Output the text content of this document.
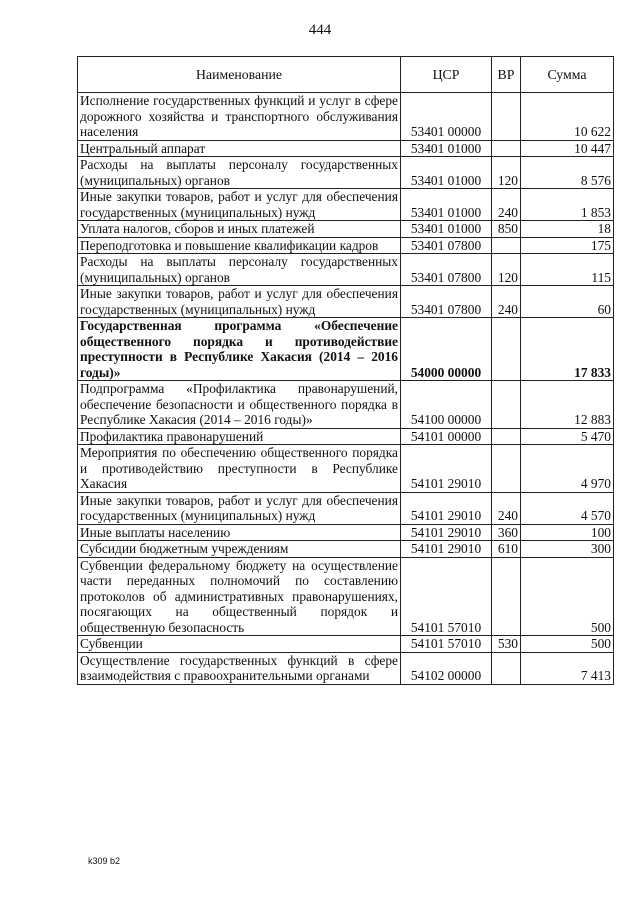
444
Наименование	ЦСР	ВР	Сумма
Исполнение государственных функций и услуг в сфере дорожного хозяйства и транспортного обслуживания населения	53401 00000		10 622
Центральный аппарат	53401 01000		10 447
Расходы на выплаты персоналу государственных (муниципальных) органов	53401 01000	120	8 576
Иные закупки товаров, работ и услуг для обеспечения государственных (муниципальных) нужд	53401 01000	240	1 853
Уплата налогов, сборов и иных платежей	53401 01000	850	18
Переподготовка и повышение квалификации кадров	53401 07800		175
Расходы на выплаты персоналу государственных (муниципальных) органов	53401 07800	120	115
Иные закупки товаров, работ и услуг для обеспечения государственных (муниципальных) нужд	53401 07800	240	60
Государственная программа «Обеспечение общественного порядка и противодействие преступности в Республике Хакасия (2014 – 2016 годы)»	54000 00000		17 833
Подпрограмма «Профилактика правонарушений, обеспечение безопасности и общественного порядка в Республике Хакасия (2014 – 2016 годы)»	54100 00000		12 883
Профилактика правонарушений	54101 00000		5 470
Мероприятия по обеспечению общественного порядка и противодействию преступности в Республике Хакасия	54101 29010		4 970
Иные закупки товаров, работ и услуг для обеспечения государственных (муниципальных) нужд	54101 29010	240	4 570
Иные выплаты населению	54101 29010	360	100
Субсидии бюджетным учреждениям	54101 29010	610	300
Субвенции федеральному бюджету на осуществление части переданных полномочий по составлению протоколов об административных правонарушениях, посягающих на общественный порядок и общественную безопасность	54101 57010		500
Субвенции	54101 57010	530	500
Осуществление государственных функций в сфере взаимодействия с правоохранительными органами	54102 00000		7 413
k309 b2
